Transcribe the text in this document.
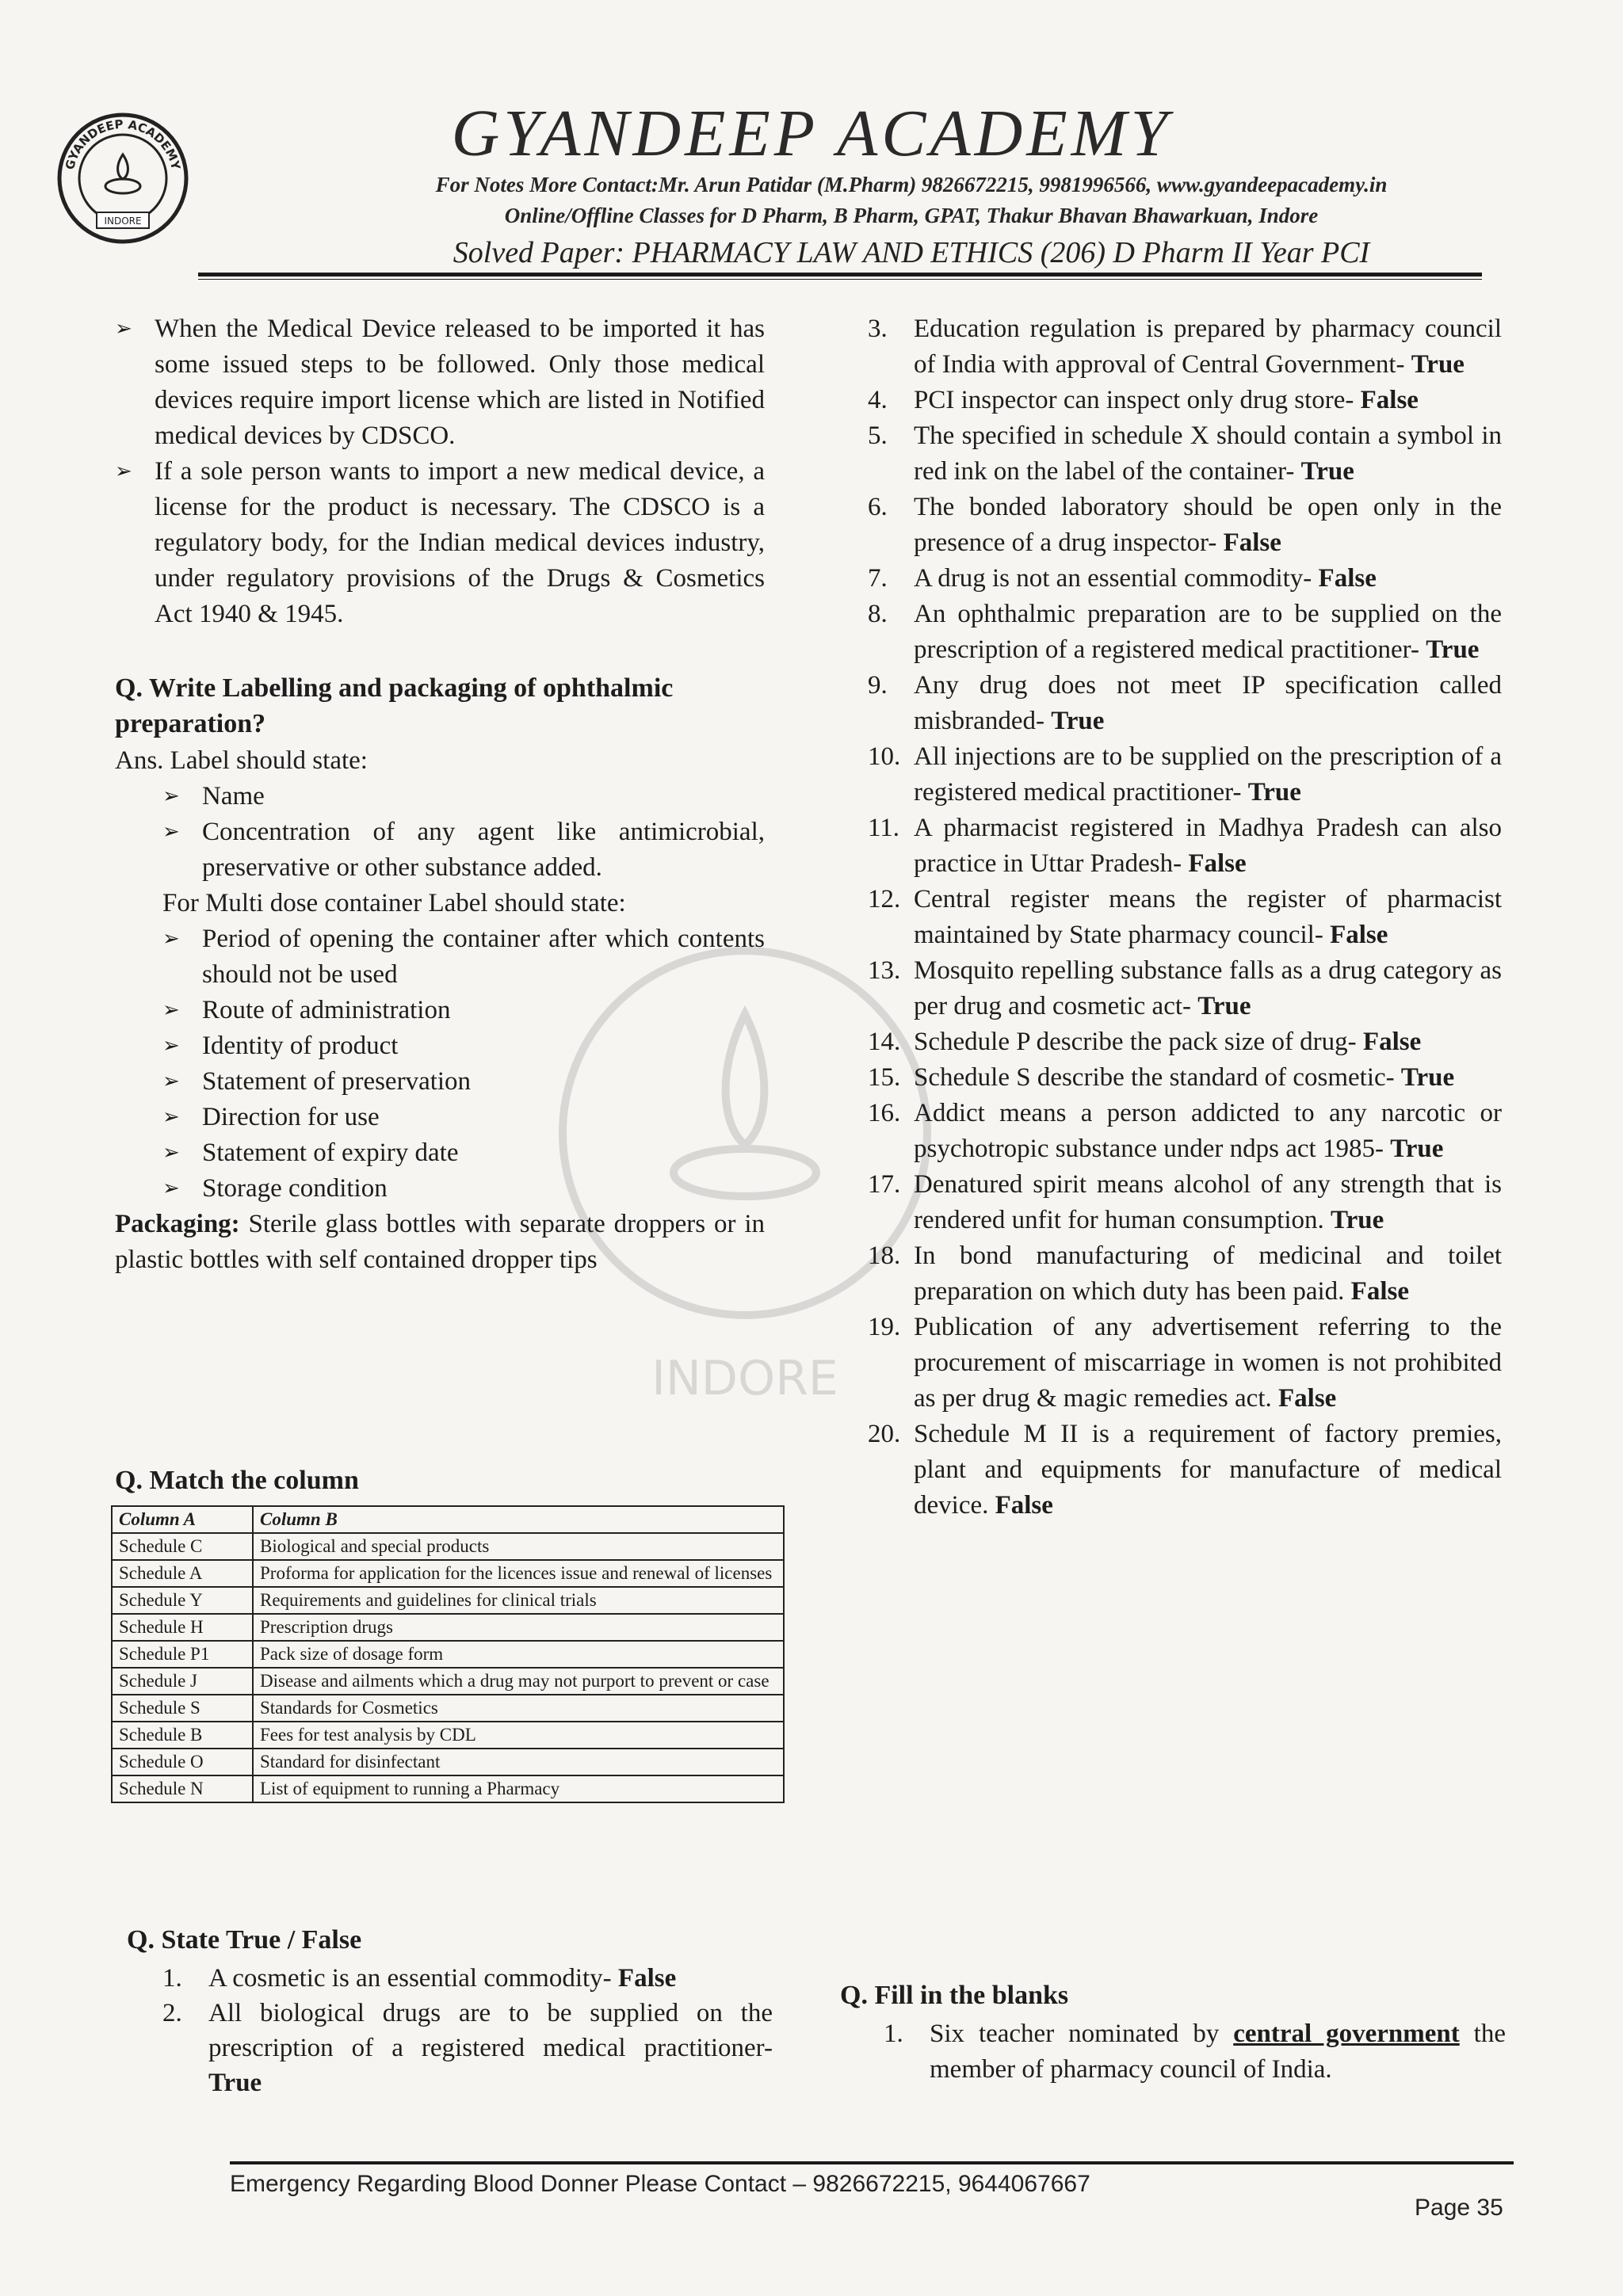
GYANDEEP ACADEMY
INDORE
GYANDEEP ACADEMY
For Notes More Contact:Mr. Arun Patidar (M.Pharm) 9826672215, 9981996566, www.gyandeepacademy.in
Online/Offline Classes for D Pharm, B Pharm, GPAT, Thakur Bhavan Bhawarkuan, Indore
Solved Paper: PHARMACY LAW AND ETHICS (206) D Pharm II Year PCI
INDORE
➢ When the Medical Device released to be imported it has some issued steps to be followed. Only those medical devices require import license which are listed in Notified medical devices by CDSCO.
➢ If a sole person wants to import a new medical device, a license for the product is necessary. The CDSCO is a regulatory body, for the Indian medical devices industry, under regulatory provisions of the Drugs & Cosmetics Act 1940 & 1945.
Q. Write Labelling and packaging of ophthalmic preparation?
Ans. Label should state:
➢ Name
➢ Concentration of any agent like antimicrobial, preservative or other substance added.
For Multi dose container Label should state:
➢ Period of opening the container after which contents should not be used
➢ Route of administration
➢ Identity of product
➢ Statement of preservation
➢ Direction for use
➢ Statement of expiry date
➢ Storage condition
Packaging: Sterile glass bottles with separate droppers or in plastic bottles with self contained dropper tips
Q. Match the column
Column A	Column B
Schedule C	Biological and special products
Schedule A	Proforma for application for the licences issue and renewal of licenses
Schedule Y	Requirements and guidelines for clinical trials
Schedule H	Prescription drugs
Schedule P1	Pack size of dosage form
Schedule J	Disease and ailments which a drug may not purport to prevent or case
Schedule S	Standards for Cosmetics
Schedule B	Fees for test analysis by CDL
Schedule O	Standard for disinfectant
Schedule N	List of equipment to running a Pharmacy
Q. State True / False
1.	A cosmetic is an essential commodity- False
2.	All biological drugs are to be supplied on the prescription of a registered medical practitioner- True
3.	Education regulation is prepared by pharmacy council of India with approval of Central Government- True
4.	PCI inspector can inspect only drug store- False
5.	The specified in schedule X should contain a symbol in red ink on the label of the container- True
6.	The bonded laboratory should be open only in the presence of a drug inspector- False
7.	A drug is not an essential commodity- False
8.	An ophthalmic preparation are to be supplied on the prescription of a registered medical practitioner- True
9.	Any drug does not meet IP specification called misbranded- True
10. All injections are to be supplied on the prescription of a registered medical practitioner- True
11. A pharmacist registered in Madhya Pradesh can also practice in Uttar Pradesh- False
12. Central register means the register of pharmacist maintained by State pharmacy council- False
13. Mosquito repelling substance falls as a drug category as per drug and cosmetic act- True
14. Schedule P describe the pack size of drug- False
15. Schedule S describe the standard of cosmetic- True
16. Addict means a person addicted to any narcotic or psychotropic substance under ndps act 1985- True
17. Denatured spirit means alcohol of any strength that is rendered unfit for human consumption. True
18. In bond manufacturing of medicinal and toilet preparation on which duty has been paid. False
19. Publication of any advertisement referring to the procurement of miscarriage in women is not prohibited as per drug & magic remedies act. False
20. Schedule M II is a requirement of factory premies, plant and equipments for manufacture of medical device. False
Q. Fill in the blanks
1.	Six teacher nominated by central government the member of pharmacy council of India.
Emergency Regarding Blood Donner Please Contact – 9826672215, 9644067667
Page 35
